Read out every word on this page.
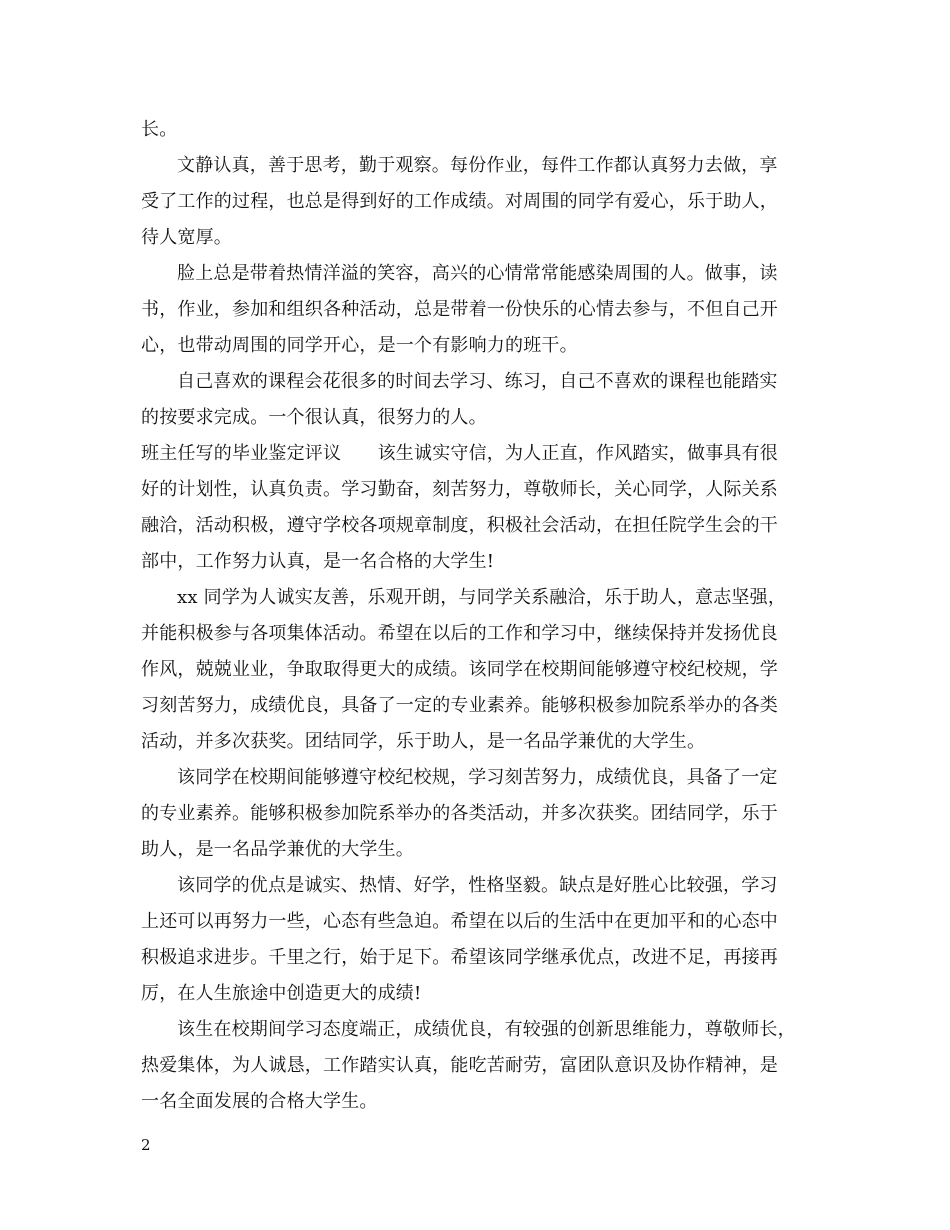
长。
文静认真，善于思考，勤于观察。每份作业，每件工作都认真努力去做，享
受了工作的过程，也总是得到好的工作成绩。对周围的同学有爱心，乐于助人，
待人宽厚。
脸上总是带着热情洋溢的笑容，高兴的心情常常能感染周围的人。做事，读
书，作业，参加和组织各种活动，总是带着一份快乐的心情去参与，不但自己开
心，也带动周围的同学开心，是一个有影响力的班干。
自己喜欢的课程会花很多的时间去学习、练习，自己不喜欢的课程也能踏实
的按要求完成。一个很认真，很努力的人。
班主任写的毕业鉴定评议　　该生诚实守信，为人正直，作风踏实，做事具有很
好的计划性，认真负责。学习勤奋，刻苦努力，尊敬师长，关心同学，人际关系
融洽，活动积极，遵守学校各项规章制度，积极社会活动，在担任院学生会的干
部中，工作努力认真，是一名合格的大学生!
xx 同学为人诚实友善，乐观开朗，与同学关系融洽，乐于助人，意志坚强，
并能积极参与各项集体活动。希望在以后的工作和学习中，继续保持并发扬优良
作风，兢兢业业，争取取得更大的成绩。该同学在校期间能够遵守校纪校规，学
习刻苦努力，成绩优良，具备了一定的专业素养。能够积极参加院系举办的各类
活动，并多次获奖。团结同学，乐于助人，是一名品学兼优的大学生。
该同学在校期间能够遵守校纪校规，学习刻苦努力，成绩优良，具备了一定
的专业素养。能够积极参加院系举办的各类活动，并多次获奖。团结同学，乐于
助人，是一名品学兼优的大学生。
该同学的优点是诚实、热情、好学，性格坚毅。缺点是好胜心比较强，学习
上还可以再努力一些，心态有些急迫。希望在以后的生活中在更加平和的心态中
积极追求进步。千里之行，始于足下。希望该同学继承优点，改进不足，再接再
厉，在人生旅途中创造更大的成绩!
该生在校期间学习态度端正，成绩优良，有较强的创新思维能力，尊敬师长，
热爱集体，为人诚恳，工作踏实认真，能吃苦耐劳，富团队意识及协作精神，是
一名全面发展的合格大学生。
2
